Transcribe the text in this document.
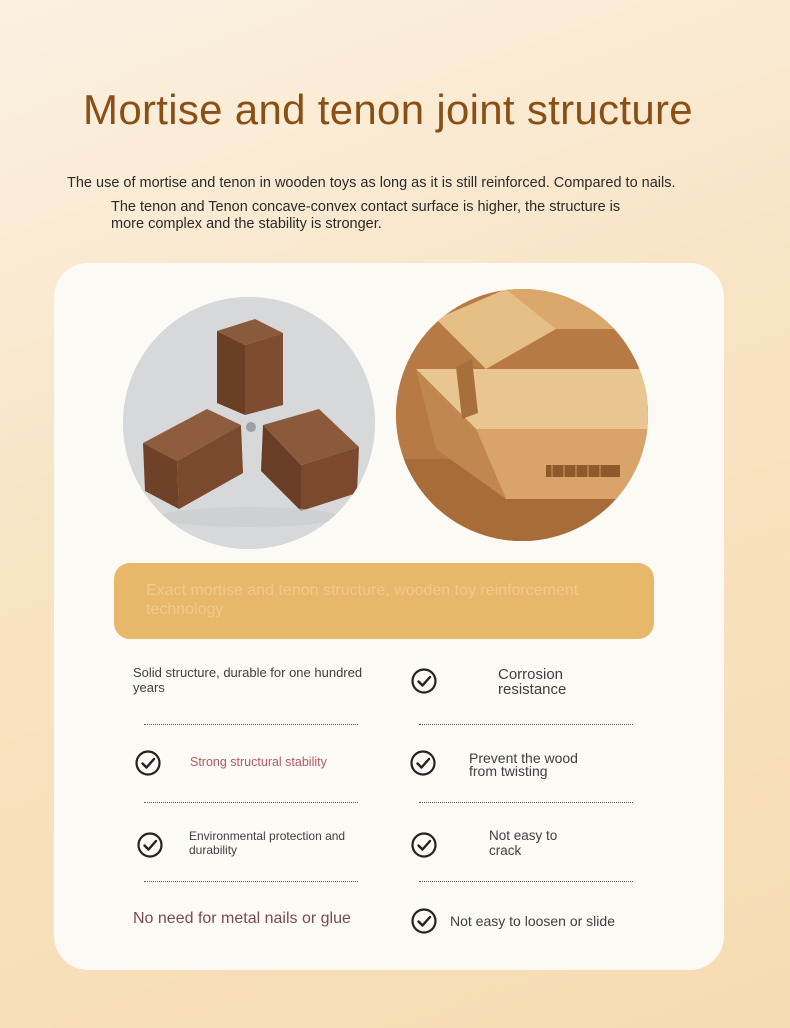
Mortise and tenon joint structure
The use of mortise and tenon in wooden toys as long as it is still reinforced. Compared to nails.
The tenon and Tenon concave-convex contact surface is higher, the structure is more complex and the stability is stronger.
Exact mortise and tenon structure, wooden toy reinforcement technology
Solid structure, durable for one hundred years
Corrosion resistance
Strong structural stability	Prevent the wood from twisting
Environmental protection and durability
Not easy to crack
No need for metal nails or glue	Not easy to loosen or slide
